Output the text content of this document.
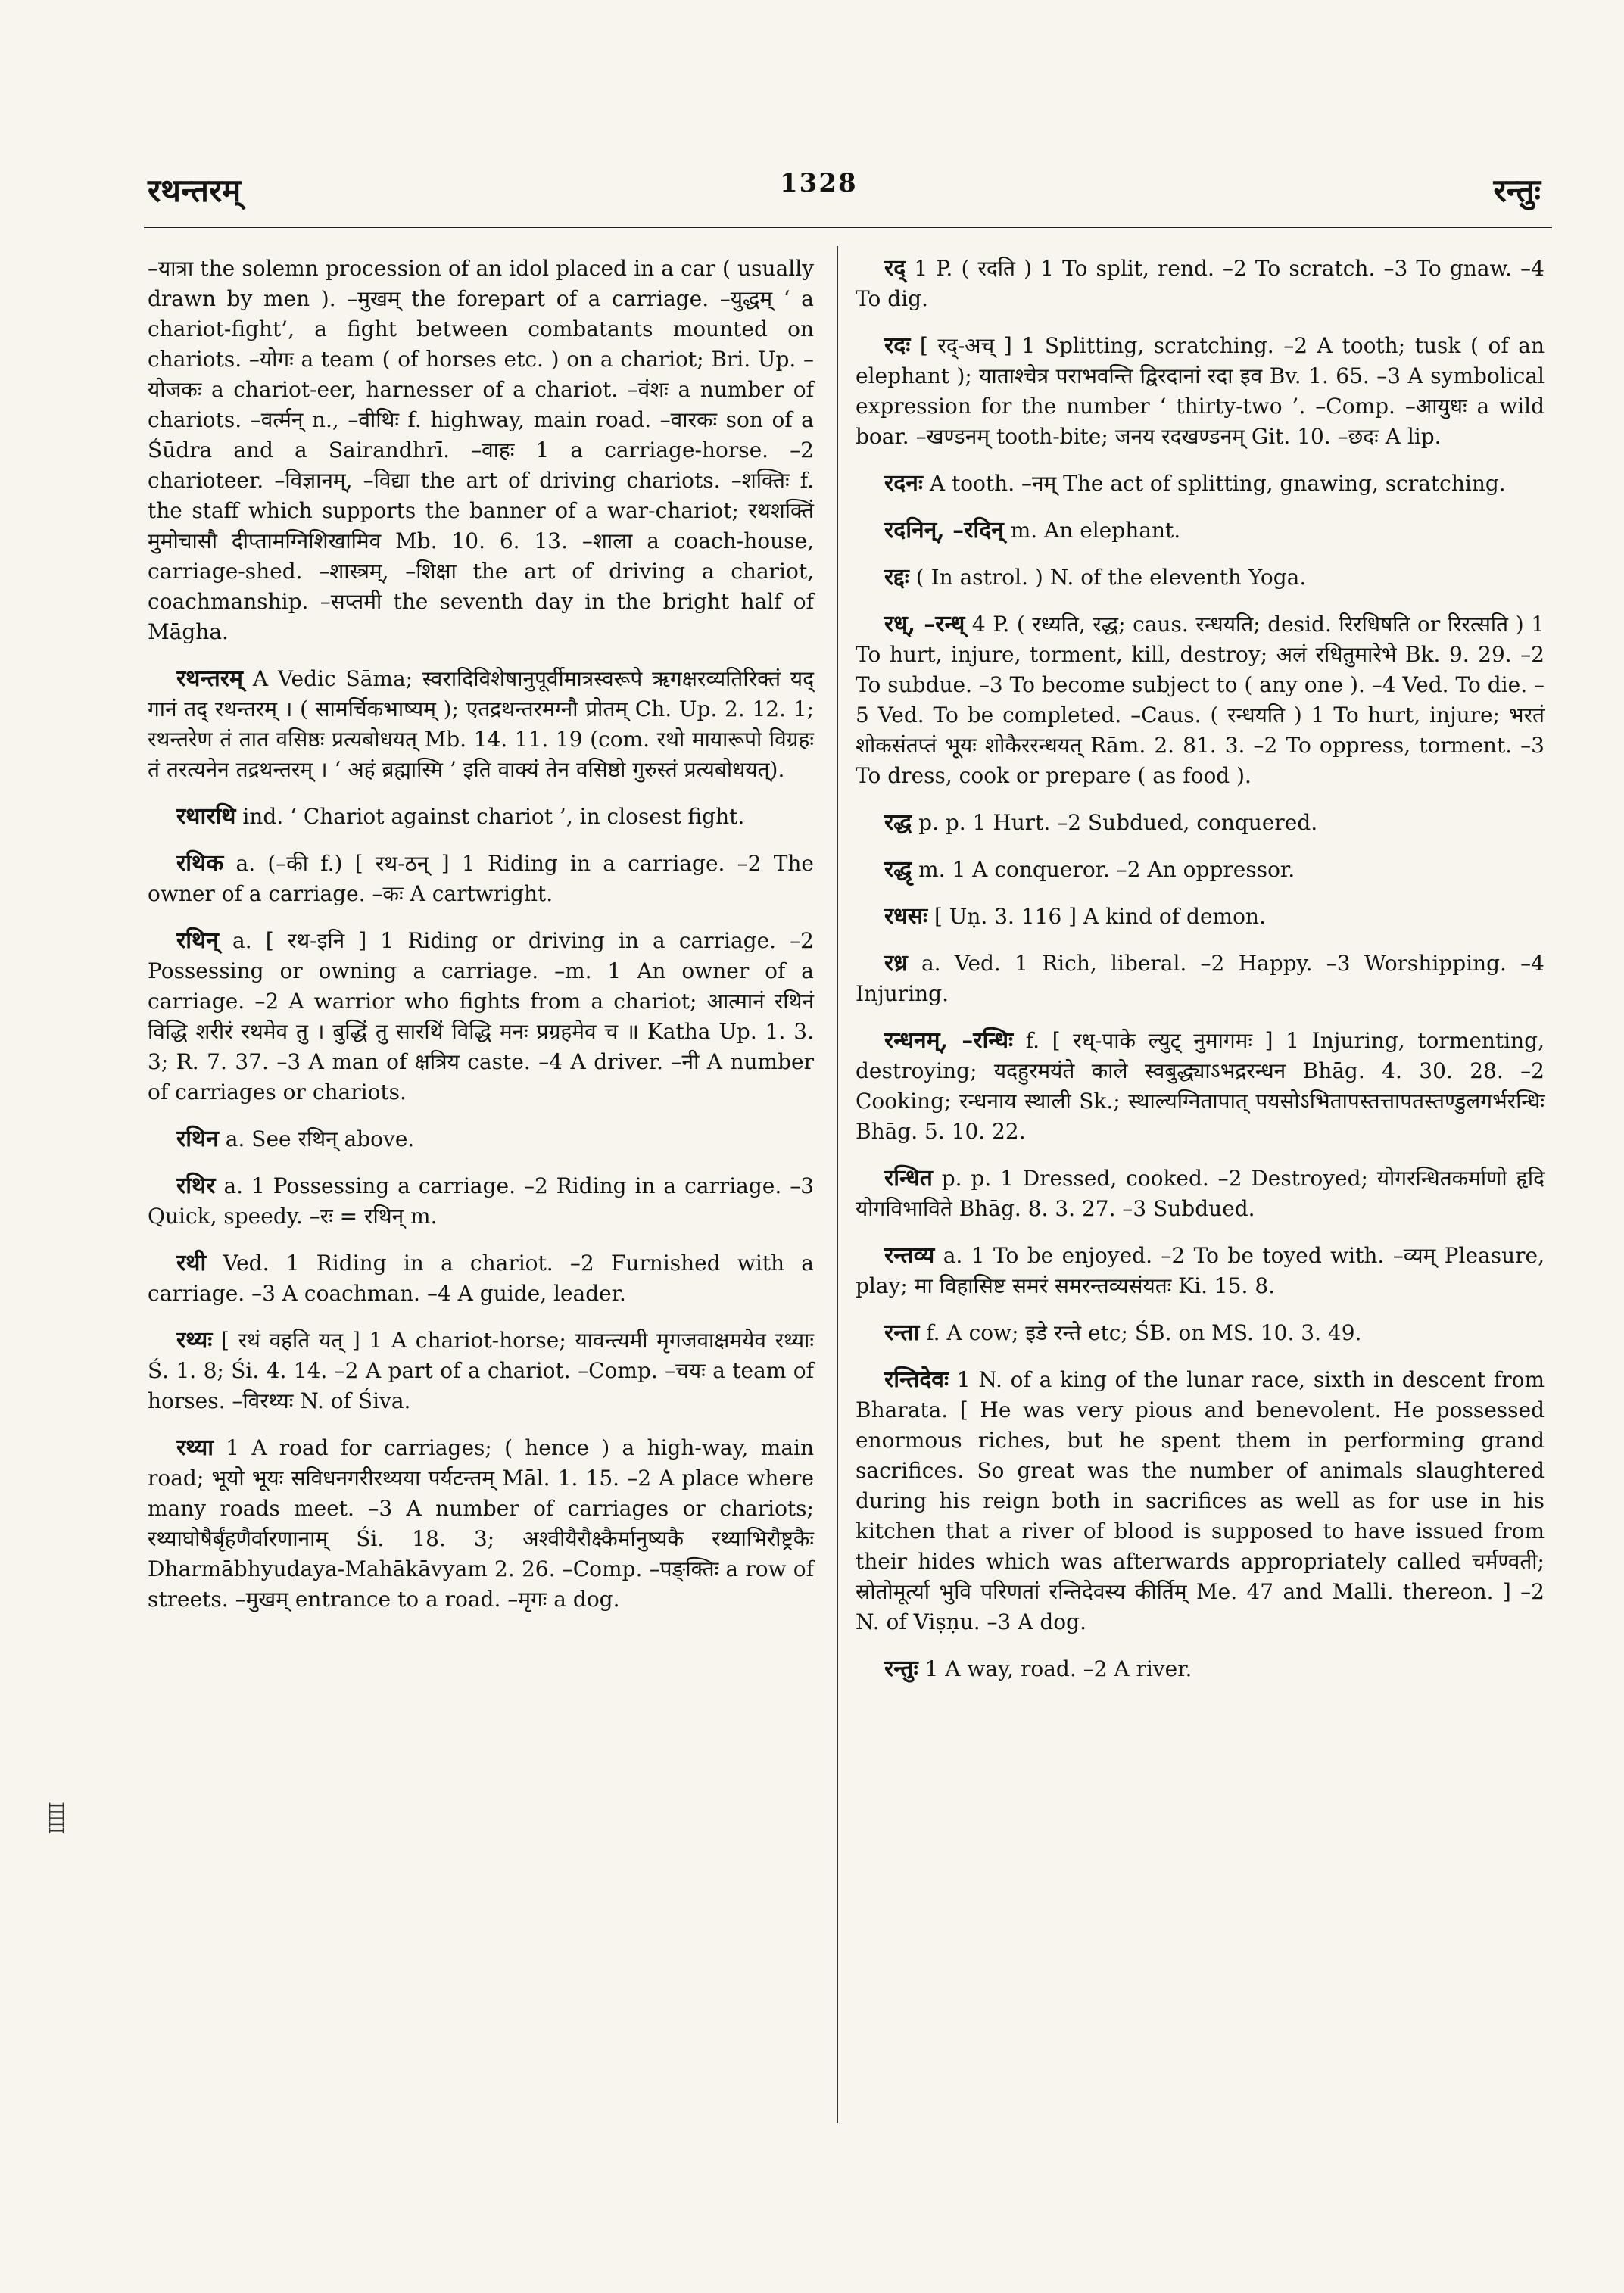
रथन्तरम्	1328	रन्तुः
IIIII

–यात्रा the solemn procession of an idol placed in a car ( usually drawn by men ). –मुखम् the forepart of a carriage. –युद्धम् ‘ a chariot-fight’, a fight between combatants mounted on chariots. –योगः a team ( of horses etc. ) on a chariot; Bri. Up. –योजकः a chariot-eer, harnesser of a chariot. –वंशः a number of chariots. –वर्त्मन् n., –वीथिः f. highway, main road. –वारकः son of a Śūdra and a Sairandhrī. –वाहः 1 a carriage-horse. –2 charioteer. –विज्ञानम्, –विद्या the art of driving chariots. –शक्तिः f. the staff which supports the banner of a war-chariot; रथशक्तिं मुमोचासौ दीप्तामग्निशिखामिव Mb. 10. 6. 13. –शाला a coach-house, carriage-shed. –शास्त्रम्, –शिक्षा the art of driving a chariot, coachmanship. –सप्तमी the seventh day in the bright half of Māgha.

रथन्तरम् A Vedic Sāma; स्वरादिविशेषानुपूर्वीमात्रस्वरूपे ऋगक्षरव्यतिरिक्तं यद् गानं तद् रथन्तरम् । ( सामर्चिकभाष्यम् ); एतद्रथन्तरमग्नौ प्रोतम् Ch. Up. 2. 12. 1; रथन्तरेण तं तात वसिष्ठः प्रत्यबोधयत् Mb. 14. 11. 19 (com. रथो मायारूपो विग्रहः तं तरत्यनेन तद्रथन्तरम् । ‘ अहं ब्रह्मास्मि ’ इति वाक्यं तेन वसिष्ठो गुरुस्तं प्रत्यबोधयत्).

रथारथि ind. ‘ Chariot against chariot ’, in closest fight.

रथिक a. (–की f.) [ रथ-ठन् ] 1 Riding in a carriage. –2 The owner of a carriage. –कः A cartwright.

रथिन् a. [ रथ-इनि ] 1 Riding or driving in a carriage. –2 Possessing or owning a carriage. –m. 1 An owner of a carriage. –2 A warrior who fights from a chariot; आत्मानं रथिनं विद्धि शरीरं रथमेव तु । बुद्धिं तु सारथिं विद्धि मनः प्रग्रहमेव च ॥ Katha Up. 1. 3. 3; R. 7. 37. –3 A man of क्षत्रिय caste. –4 A driver. –नी A number of carriages or chariots.

रथिन a. See रथिन् above.

रथिर a. 1 Possessing a carriage. –2 Riding in a carriage. –3 Quick, speedy. –रः = रथिन् m.

रथी Ved. 1 Riding in a chariot. –2 Furnished with a carriage. –3 A coachman. –4 A guide, leader.

रथ्यः [ रथं वहति यत् ] 1 A chariot-horse; यावन्त्यमी मृगजवाक्षमयेव रथ्याः Ś. 1. 8; Śi. 4. 14. –2 A part of a chariot. –Comp. –चयः a team of horses. –विरथ्यः N. of Śiva.

रथ्या 1 A road for carriages; ( hence ) a high-way, main road; भूयो भूयः सविधनगरीरथ्यया पर्यटन्तम् Māl. 1. 15. –2 A place where many roads meet. –3 A number of carriages or chariots; रथ्याघोषैर्बृंहणैर्वारणानाम् Śi. 18. 3; अश्वीयैरौक्ष्कैर्मानुष्यकै रथ्याभिरौष्ट्रकैः Dharmābhyudaya-Mahākāvyam 2. 26. –Comp. –पङ्क्तिः a row of streets. –मुखम् entrance to a road. –मृगः a dog.

रद् 1 P. ( रदति ) 1 To split, rend. –2 To scratch. –3 To gnaw. –4 To dig.

रदः [ रद्-अच् ] 1 Splitting, scratching. –2 A tooth; tusk ( of an elephant ); याताश्चेत्र पराभवन्ति द्विरदानां रदा इव Bv. 1. 65. –3 A symbolical expression for the number ‘ thirty-two ’. –Comp. –आयुधः a wild boar. –खण्डनम् tooth-bite; जनय रदखण्डनम् Git. 10. –छदः A lip.

रदनः A tooth. –नम् The act of splitting, gnawing, scratching.

रदनिन्, –रदिन् m. An elephant.

रद्दः ( In astrol. ) N. of the eleventh Yoga.

रध्, –रन्ध् 4 P. ( रध्यति, रद्ध; caus. रन्धयति; desid. रिरधिषति or रिरत्सति ) 1 To hurt, injure, torment, kill, destroy; अलं रधितुमारेभे Bk. 9. 29. –2 To subdue. –3 To become subject to ( any one ). –4 Ved. To die. –5 Ved. To be completed. –Caus. ( रन्धयति ) 1 To hurt, injure; भरतं शोकसंतप्तं भूयः शोकैररन्धयत् Rām. 2. 81. 3. –2 To oppress, torment. –3 To dress, cook or prepare ( as food ).

रद्ध p. p. 1 Hurt. –2 Subdued, conquered.

रद्धृ m. 1 A conqueror. –2 An oppressor.

रधसः [ Uṇ. 3. 116 ] A kind of demon.

रध्र a. Ved. 1 Rich, liberal. –2 Happy. –3 Worshipping. –4 Injuring.

रन्धनम्, –रन्धिः f. [ रध्-पाके ल्युट् नुमागमः ] 1 Injuring, tormenting, destroying; यदहुरमयंते काले स्वबुद्ध्याऽभद्ररन्धन Bhāg. 4. 30. 28. –2 Cooking; रन्धनाय स्थाली Sk.; स्थाल्यग्नितापात् पयसोऽभितापस्तत्तापतस्तण्डुलगर्भरन्धिः Bhāg. 5. 10. 22.

रन्धित p. p. 1 Dressed, cooked. –2 Destroyed; योगरन्धितकर्माणो हृदि योगविभाविते Bhāg. 8. 3. 27. –3 Subdued.

रन्तव्य a. 1 To be enjoyed. –2 To be toyed with. –व्यम् Pleasure, play; मा विहासिष्ट समरं समरन्तव्यसंयतः Ki. 15. 8.

रन्ता f. A cow; इडे रन्ते etc; ŚB. on MS. 10. 3. 49.

रन्तिदेवः 1 N. of a king of the lunar race, sixth in descent from Bharata. [ He was very pious and benevolent. He possessed enormous riches, but he spent them in performing grand sacrifices. So great was the number of animals slaughtered during his reign both in sacrifices as well as for use in his kitchen that a river of blood is supposed to have issued from their hides which was afterwards appropriately called चर्मण्वती; स्रोतोमूर्त्या भुवि परिणतां रन्तिदेवस्य कीर्तिम् Me. 47 and Malli. thereon. ] –2 N. of Viṣṇu. –3 A dog.

रन्तुः 1 A way, road. –2 A river.
